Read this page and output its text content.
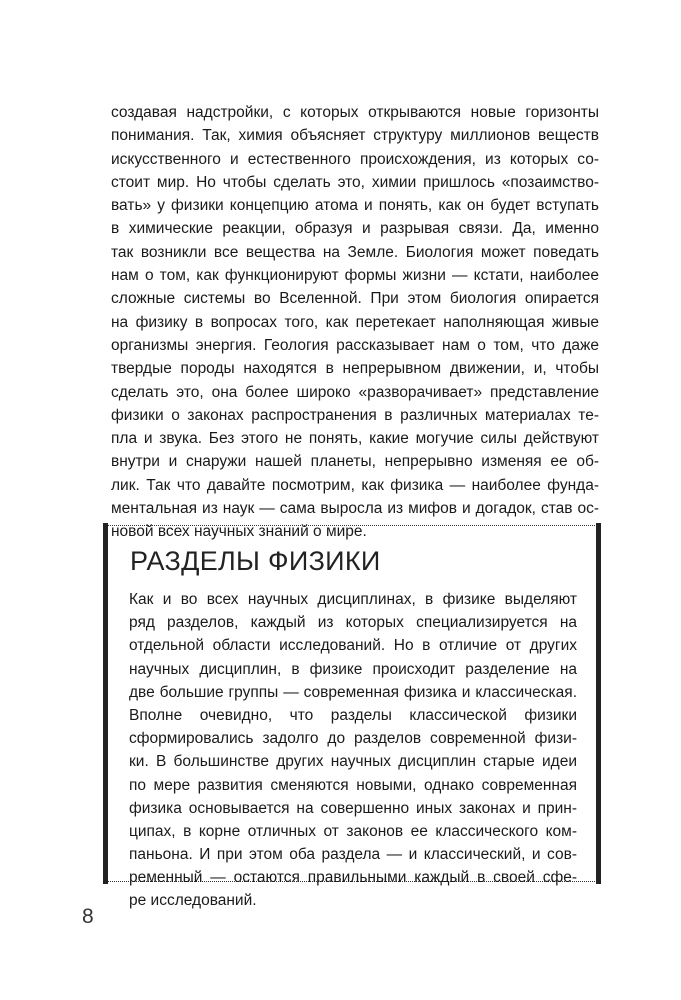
создавая надстройки, с которых открываются новые горизонты
понимания. Так, химия объясняет структуру миллионов веществ
искусственного и естественного происхождения, из которых со-
стоит мир. Но чтобы сделать это, химии пришлось «позаимство-
вать» у физики концепцию атома и понять, как он будет вступать
в химические реакции, образуя и разрывая связи. Да, именно
так возникли все вещества на Земле. Биология может поведать
нам о том, как функционируют формы жизни — кстати, наиболее
сложные системы во Вселенной. При этом биология опирается
на физику в вопросах того, как перетекает наполняющая живые
организмы энергия. Геология рассказывает нам о том, что даже
твердые породы находятся в непрерывном движении, и, чтобы
сделать это, она более широко «разворачивает» представление
физики о законах распространения в различных материалах те-
пла и звука. Без этого не понять, какие могучие силы действуют
внутри и снаружи нашей планеты, непрерывно изменяя ее об-
лик. Так что давайте посмотрим, как физика — наиболее фунда-
ментальная из наук — сама выросла из мифов и догадок, став ос-
новой всех научных знаний о мире.
РАЗДЕЛЫ ФИЗИКИ
Как и во всех научных дисциплинах, в физике выделяют
ряд разделов, каждый из которых специализируется на
отдельной области исследований. Но в отличие от других
научных дисциплин, в физике происходит разделение на
две большие группы — современная физика и классическая.
Вполне очевидно, что разделы классической физики
сформировались задолго до разделов современной физи-
ки. В большинстве других научных дисциплин старые идеи
по мере развития сменяются новыми, однако современная
физика основывается на совершенно иных законах и прин-
ципах, в корне отличных от законов ее классического ком-
паньона. И при этом оба раздела — и классический, и сов-
ременный — остаются правильными каждый в своей сфе-
ре исследований.
8
